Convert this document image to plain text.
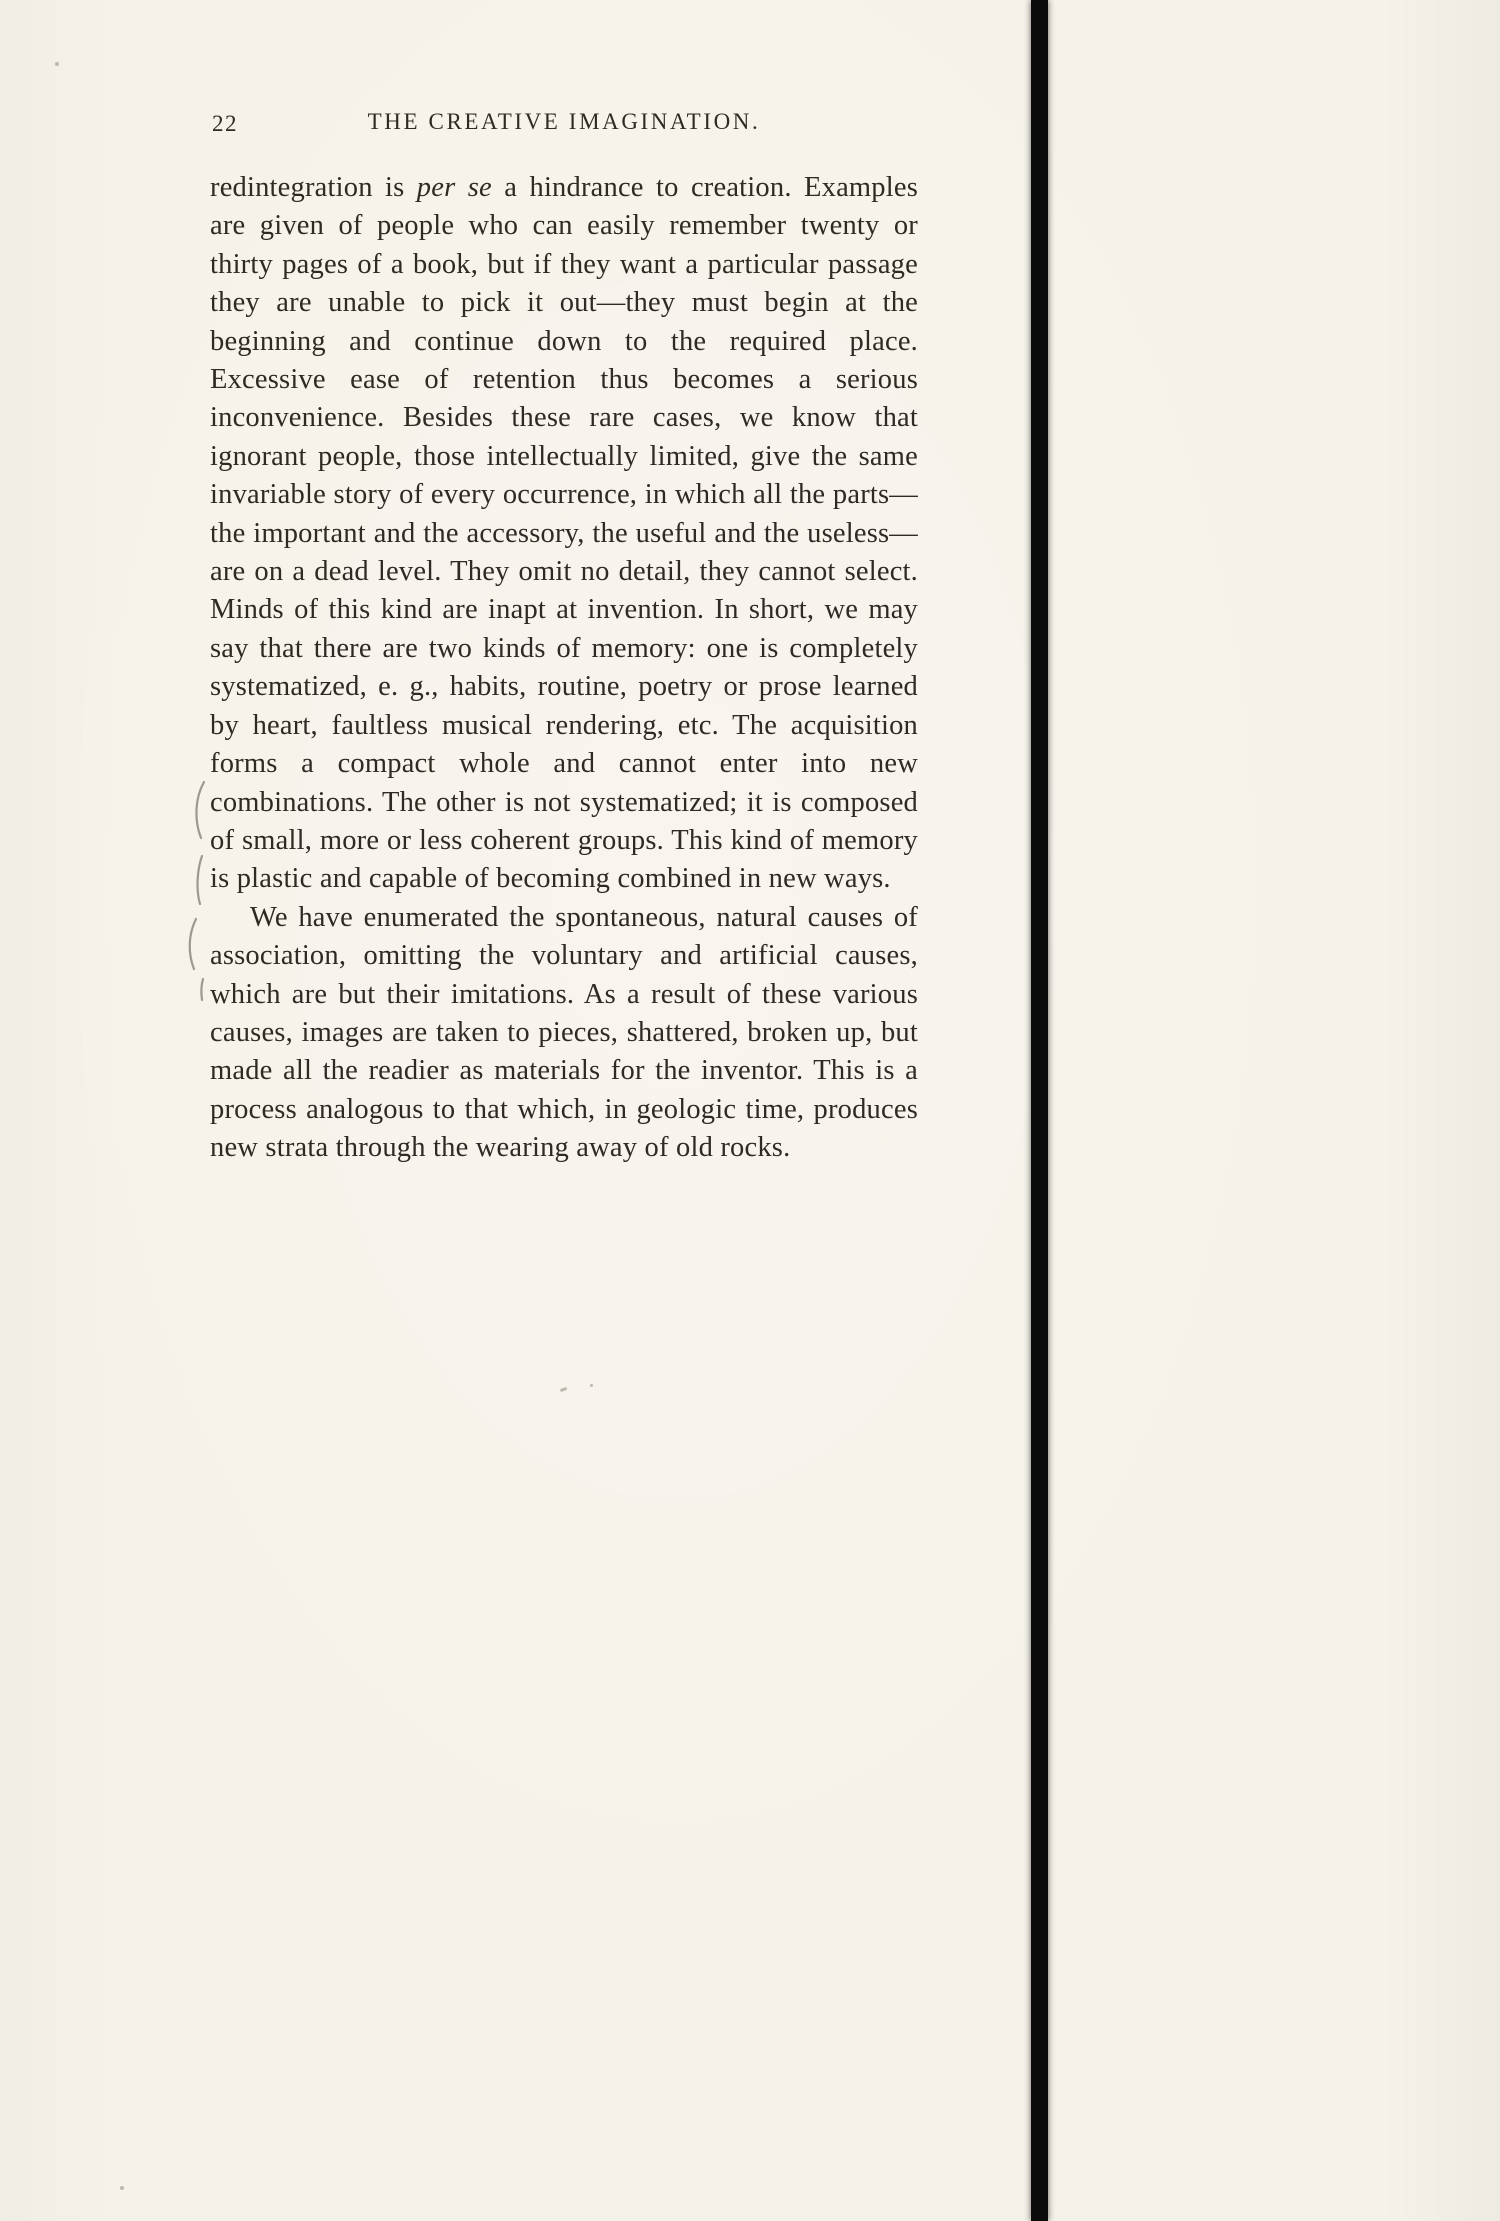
22	THE CREATIVE IMAGINATION.

redintegration is per se a hindrance to creation. Examples are given of people who can easily remember twenty or thirty pages of a book, but if they want a particular passage they are unable to pick it out—they must begin at the beginning and continue down to the required place. Excessive ease of retention thus becomes a serious inconvenience. Besides these rare cases, we know that ignorant people, those intellectually limited, give the same invariable story of every occurrence, in which all the parts—the important and the accessory, the useful and the useless—are on a dead level. They omit no detail, they cannot select. Minds of this kind are inapt at invention. In short, we may say that there are two kinds of memory: one is completely systematized, e. g., habits, routine, poetry or prose learned by heart, faultless musical rendering, etc. The acquisition forms a compact whole and cannot enter into new combinations. The other is not systematized; it is composed of small, more or less coherent groups. This kind of memory is plastic and capable of becoming combined in new ways.

We have enumerated the spontaneous, natural causes of association, omitting the voluntary and artificial causes, which are but their imitations. As a result of these various causes, images are taken to pieces, shattered, broken up, but made all the readier as materials for the inventor. This is a process analogous to that which, in geologic time, produces new strata through the wearing away of old rocks.
